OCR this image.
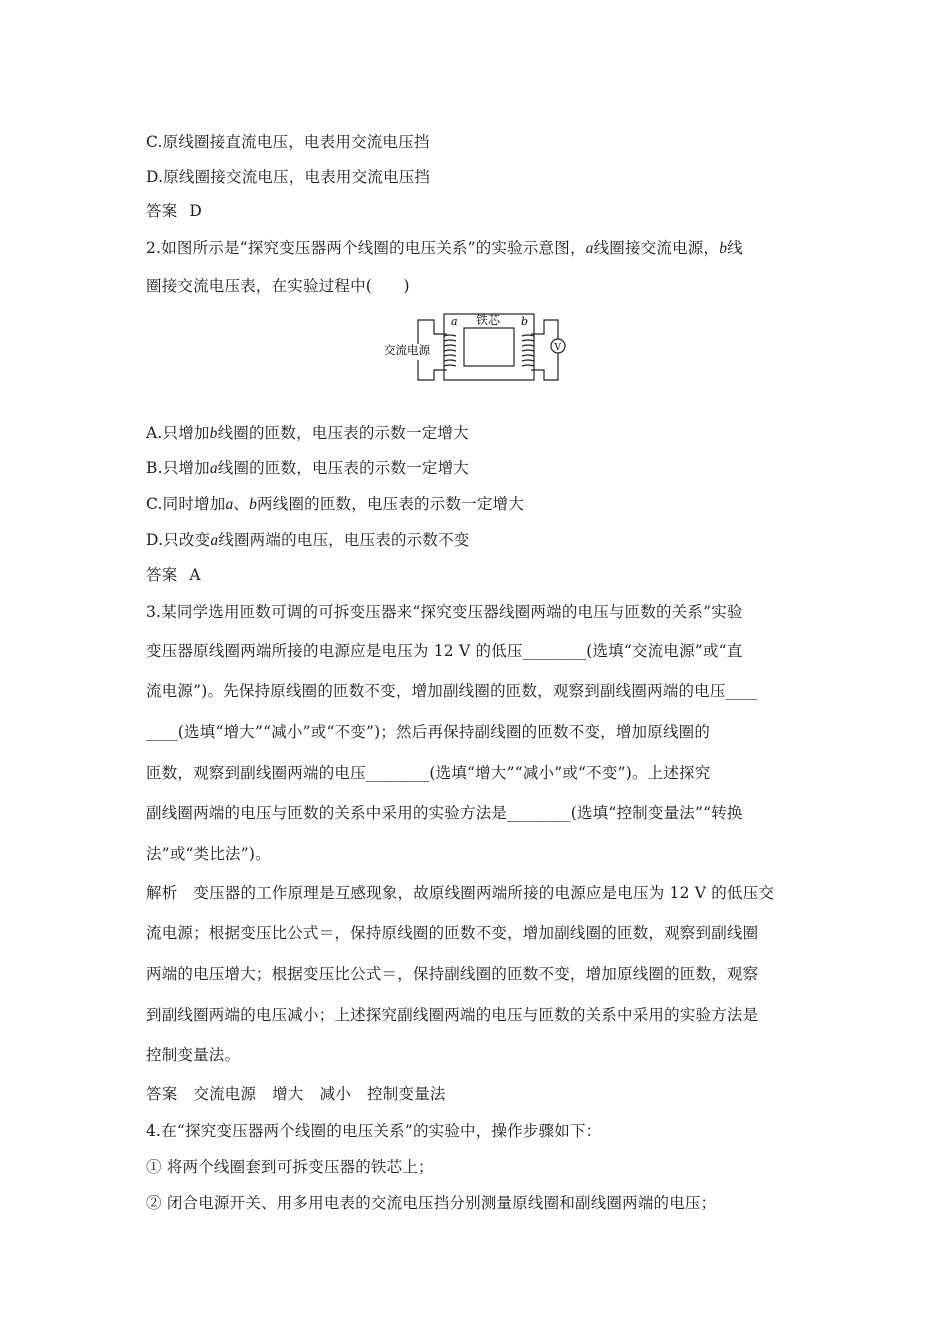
C.原线圈接直流电压，电表用交流电压挡
D.原线圈接交流电压，电表用交流电压挡
答案 D
2.如图所示是“探究变压器两个线圈的电压关系”的实验示意图，a线圈接交流电源，b线
圈接交流电压表，在实验过程中(　　)
铁芯
a	b
交流电源	V
A.只增加b线圈的匝数，电压表的示数一定增大
B.只增加a线圈的匝数，电压表的示数一定增大
C.同时增加a、b两线圈的匝数，电压表的示数一定增大
D.只改变a线圈两端的电压，电压表的示数不变
答案 A
3.某同学选用匝数可调的可拆变压器来“探究变压器线圈两端的电压与匝数的关系”实验
变压器原线圈两端所接的电源应是电压为 12 V 的低压________(选填“交流电源”或“直
流电源”)。先保持原线圈的匝数不变，增加副线圈的匝数，观察到副线圈两端的电压____
____(选填“增大”“减小”或“不变”)；然后再保持副线圈的匝数不变，增加原线圈的
匝数，观察到副线圈两端的电压________(选填“增大”“减小”或“不变”)。上述探究
副线圈两端的电压与匝数的关系中采用的实验方法是________(选填“控制变量法”“转换
法”或“类比法”)。
解析 变压器的工作原理是互感现象，故原线圈两端所接的电源应是电压为 12 V 的低压交
流电源；根据变压比公式＝，保持原线圈的匝数不变，增加副线圈的匝数，观察到副线圈
两端的电压增大；根据变压比公式＝，保持副线圈的匝数不变，增加原线圈的匝数，观察
到副线圈两端的电压减小；上述探究副线圈两端的电压与匝数的关系中采用的实验方法是
控制变量法。
答案 交流电源 增大 减小 控制变量法
4.在“探究变压器两个线圈的电压关系”的实验中，操作步骤如下：
① 将两个线圈套到可拆变压器的铁芯上；
② 闭合电源开关、用多用电表的交流电压挡分别测量原线圈和副线圈两端的电压；
